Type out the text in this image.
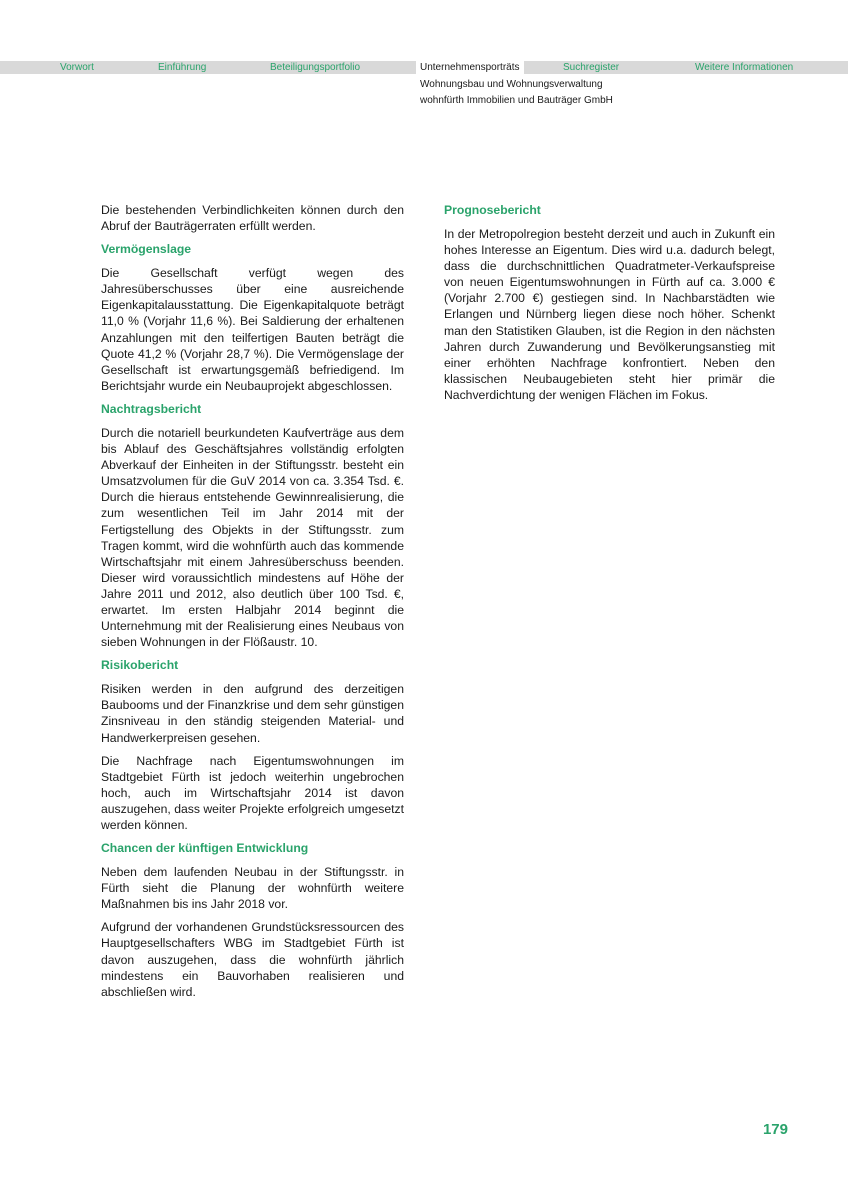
Vorwort	Einführung	Beteiligungsportfolio	Unternehmensporträts	Suchregister	Weitere Informationen
Wohnungsbau und Wohnungsverwaltung
wohnfürth Immobilien und Bauträger GmbH

Die bestehenden Verbindlichkeiten können durch den Abruf der Bauträgerraten erfüllt werden.

Vermögenslage

Die Gesellschaft verfügt wegen des Jahresüberschusses über eine ausreichende Eigenkapitalausstattung. Die Eigenkapitalquote beträgt 11,0 % (Vorjahr 11,6 %). Bei Saldierung der erhaltenen Anzahlungen mit den teilfertigen Bauten beträgt die Quote 41,2 % (Vorjahr 28,7 %). Die Vermögenslage der Gesellschaft ist erwartungsgemäß befriedigend. Im Berichtsjahr wurde ein Neubauprojekt abgeschlossen.

Nachtragsbericht

Durch die notariell beurkundeten Kaufverträge aus dem bis Ablauf des Geschäftsjahres vollständig erfolgten Abverkauf der Einheiten in der Stiftungsstr. besteht ein Umsatzvolumen für die GuV 2014 von ca. 3.354 Tsd. €. Durch die hieraus entstehende Gewinnrealisierung, die zum wesentlichen Teil im Jahr 2014 mit der Fertigstellung des Objekts in der Stiftungsstr. zum Tragen kommt, wird die wohnfürth auch das kommende Wirtschaftsjahr mit einem Jahresüberschuss beenden. Dieser wird voraussichtlich mindestens auf Höhe der Jahre 2011 und 2012, also deutlich über 100 Tsd. €, erwartet. Im ersten Halbjahr 2014 beginnt die Unternehmung mit der Realisierung eines Neubaus von sieben Wohnungen in der Flößaustr. 10.

Risikobericht

Risiken werden in den aufgrund des derzeitigen Baubooms und der Finanzkrise und dem sehr günstigen Zinsniveau in den ständig steigenden Material- und Handwerkerpreisen gesehen.

Die Nachfrage nach Eigentumswohnungen im Stadtgebiet Fürth ist jedoch weiterhin ungebrochen hoch, auch im Wirtschaftsjahr 2014 ist davon auszugehen, dass weiter Projekte erfolgreich umgesetzt werden können.

Chancen der künftigen Entwicklung

Neben dem laufenden Neubau in der Stiftungsstr. in Fürth sieht die Planung der wohnfürth weitere Maßnahmen bis ins Jahr 2018 vor.

Aufgrund der vorhandenen Grundstücksressourcen des Hauptgesellschafters WBG im Stadtgebiet Fürth ist davon auszugehen, dass die wohnfürth jährlich mindestens ein Bauvorhaben realisieren und abschließen wird.

Prognosebericht

In der Metropolregion besteht derzeit und auch in Zukunft ein hohes Interesse an Eigentum. Dies wird u.a. dadurch belegt, dass die durchschnittlichen Quadratmeter-Verkaufspreise von neuen Eigentumswohnungen in Fürth auf ca. 3.000 € (Vorjahr 2.700 €) gestiegen sind. In Nachbarstädten wie Erlangen und Nürnberg liegen diese noch höher. Schenkt man den Statistiken Glauben, ist die Region in den nächsten Jahren durch Zuwanderung und Bevölkerungsanstieg mit einer erhöhten Nachfrage konfrontiert. Neben den klassischen Neubaugebieten steht hier primär die Nachverdichtung der wenigen Flächen im Fokus.

179
